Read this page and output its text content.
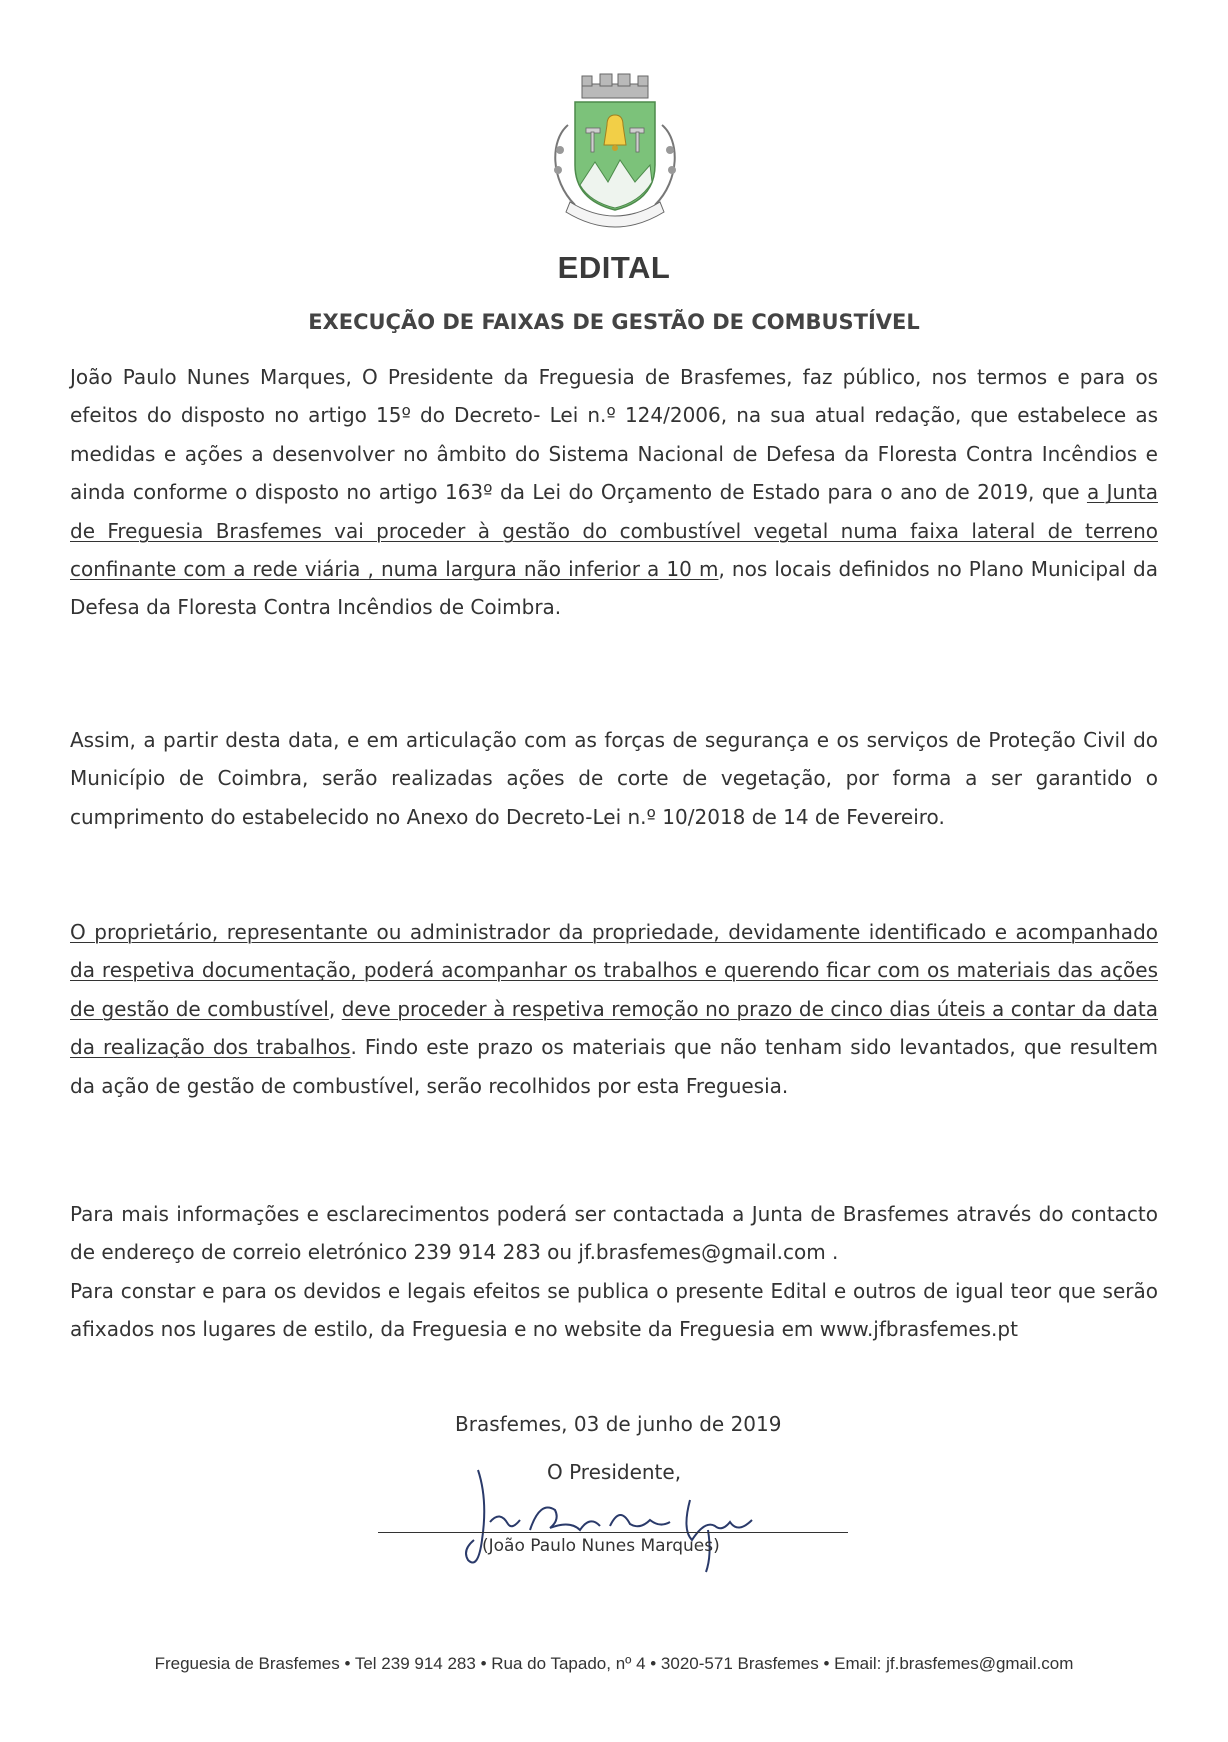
EDITAL
EXECUÇÃO DE FAIXAS DE GESTÃO DE COMBUSTÍVEL

João Paulo Nunes Marques, O Presidente da Freguesia de Brasfemes, faz público, nos termos e para os efeitos do disposto no artigo 15º do Decreto- Lei n.º 124/2006, na sua atual redação, que estabelece as medidas e ações a desenvolver no âmbito do Sistema Nacional de Defesa da Floresta Contra Incêndios e ainda conforme o disposto no artigo 163º da Lei do Orçamento de Estado para o ano de 2019, que a Junta de Freguesia Brasfemes vai proceder à gestão do combustível vegetal numa faixa lateral de terreno confinante com a rede viária , numa largura não inferior a 10 m, nos locais definidos no Plano Municipal da Defesa da Floresta Contra Incêndios de Coimbra.

Assim, a partir desta data, e em articulação com as forças de segurança e os serviços de Proteção Civil do Município de Coimbra, serão realizadas ações de corte de vegetação, por forma a ser garantido o cumprimento do estabelecido no Anexo do Decreto-Lei n.º 10/2018 de 14 de Fevereiro.

O proprietário, representante ou administrador da propriedade, devidamente identificado e acompanhado da respetiva documentação, poderá acompanhar os trabalhos e querendo ficar com os materiais das ações de gestão de combustível, deve proceder à respetiva remoção no prazo de cinco dias úteis a contar da data da realização dos trabalhos. Findo este prazo os materiais que não tenham sido levantados, que resultem da ação de gestão de combustível, serão recolhidos por esta Freguesia.

Para mais informações e esclarecimentos poderá ser contactada a Junta de Brasfemes através do contacto de endereço de correio eletrónico 239 914 283 ou jf.brasfemes@gmail.com .

Para constar e para os devidos e legais efeitos se publica o presente Edital e outros de igual teor que serão afixados nos lugares de estilo, da Freguesia e no website da Freguesia em www.jfbrasfemes.pt

Brasfemes, 03 de junho de 2019
O Presidente,
(João Paulo Nunes Marques)
Freguesia de Brasfemes • Tel 239 914 283 • Rua do Tapado, nº 4 • 3020-571 Brasfemes • Email: jf.brasfemes@gmail.com
